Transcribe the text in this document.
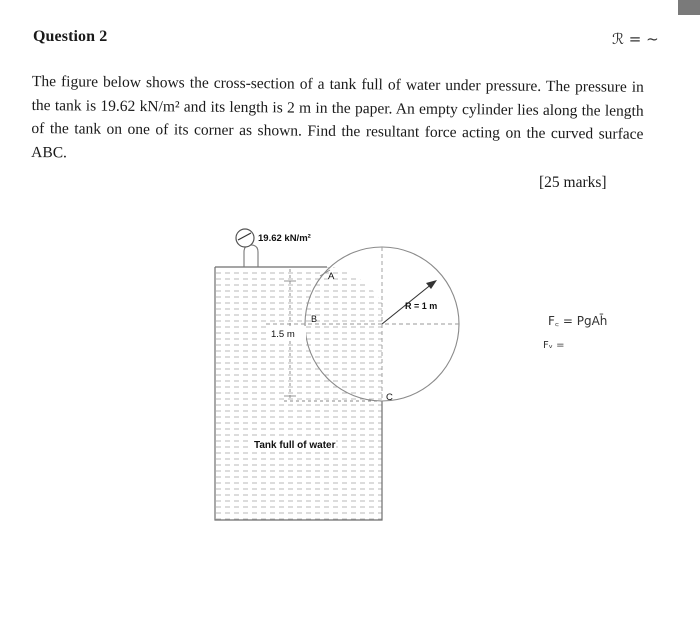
Question 2
The figure below shows the cross-section of a tank full of water under pressure. The pressure in the tank is 19.62 kN/m² and its length is 2 m in the paper. An empty cylinder lies along the length of the tank on one of its corner as shown. Find the resultant force acting on the curved surface ABC.
[25 marks]
ℛ = ~
F꜀ = ΡgAh̄
Fᵥ =
19.62 kN/m²
R = 1 m
1.5 m
A
B
C
Tank full of water
